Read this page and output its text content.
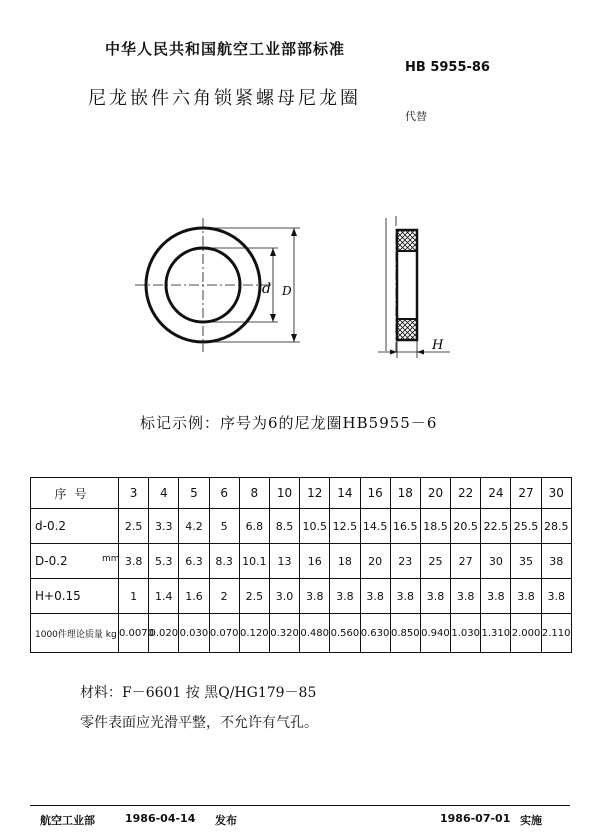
中华人民共和国航空工业部部标准
HB 5955-86
尼龙嵌件六角锁紧螺母尼龙圈
代替
d D
H
标记示例：序号为6的尼龙圈HB5955－6
序号	3	4	5	6	8	10	12	14	16	18	20	22	24	27	30
d-0.2	2.5	3.3	4.2	5	6.8	8.5	10.5	12.5	14.5	16.5	18.5	20.5	22.5	25.5	28.5
D-0.2 mm	3.8	5.3	6.3	8.3	10.1	13	16	18	20	23	25	27	30	35	38
H+0.15	1	1.4	1.6	2	2.5	3.0	3.8	3.8	3.8	3.8	3.8	3.8	3.8	3.8	3.8
1000件理论质量 kg	0.0070	0.020	0.030	0.070	0.120	0.320	0.480	0.560	0.630	0.850	0.940	1.030	1.310	2.000	2.110
材料：F－6601 按 黑Q/HG179－85
零件表面应光滑平整，不允许有气孔。
航空工业部	1986-04-14 发布	1986-07-01 实施
